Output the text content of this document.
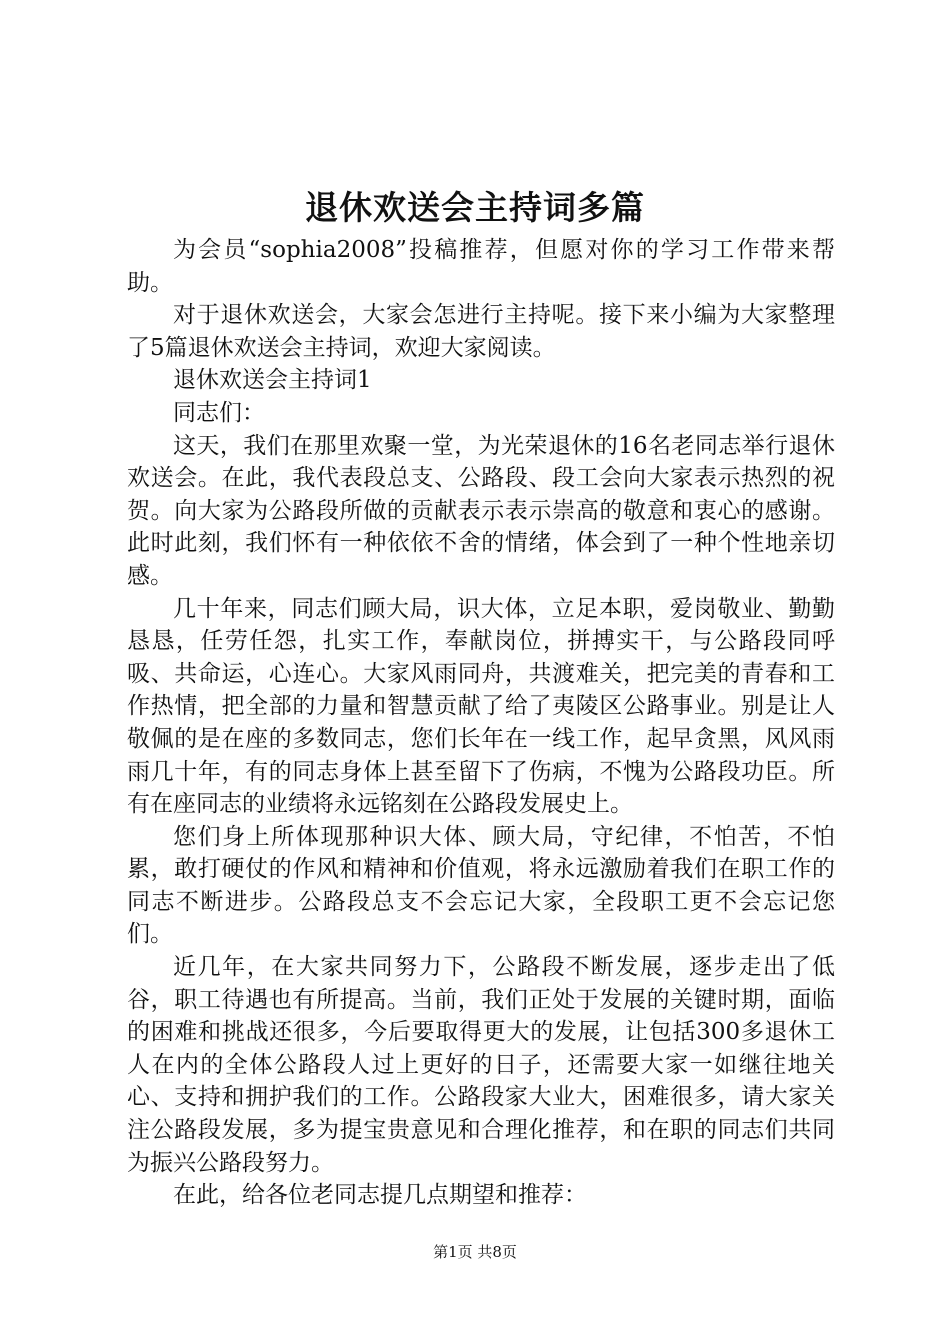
退休欢送会主持词多篇

为会员“sophia2008”投稿推荐，但愿对你的学习工作带来帮助。

对于退休欢送会，大家会怎进行主持呢。接下来小编为大家整理了5篇退休欢送会主持词，欢迎大家阅读。

退休欢送会主持词1

同志们：

这天，我们在那里欢聚一堂，为光荣退休的16名老同志举行退休欢送会。在此，我代表段总支、公路段、段工会向大家表示热烈的祝贺。向大家为公路段所做的贡献表示表示崇高的敬意和衷心的感谢。此时此刻，我们怀有一种依依不舍的情绪，体会到了一种个性地亲切感。

几十年来，同志们顾大局，识大体，立足本职，爱岗敬业、勤勤恳恳，任劳任怨，扎实工作，奉献岗位，拼搏实干，与公路段同呼吸、共命运，心连心。大家风雨同舟，共渡难关，把完美的青春和工作热情，把全部的力量和智慧贡献了给了夷陵区公路事业。别是让人敬佩的是在座的多数同志，您们长年在一线工作，起早贪黑，风风雨雨几十年，有的同志身体上甚至留下了伤病，不愧为公路段功臣。所有在座同志的业绩将永远铭刻在公路段发展史上。

您们身上所体现那种识大体、顾大局，守纪律，不怕苦，不怕累，敢打硬仗的作风和精神和价值观，将永远激励着我们在职工作的同志不断进步。公路段总支不会忘记大家，全段职工更不会忘记您们。

近几年，在大家共同努力下，公路段不断发展，逐步走出了低谷，职工待遇也有所提高。当前，我们正处于发展的关键时期，面临的困难和挑战还很多，今后要取得更大的发展，让包括300多退休工人在内的全体公路段人过上更好的日子，还需要大家一如继往地关心、支持和拥护我们的工作。公路段家大业大，困难很多，请大家关注公路段发展，多为提宝贵意见和合理化推荐，和在职的同志们共同为振兴公路段努力。

在此，给各位老同志提几点期望和推荐：

第1页 共8页
